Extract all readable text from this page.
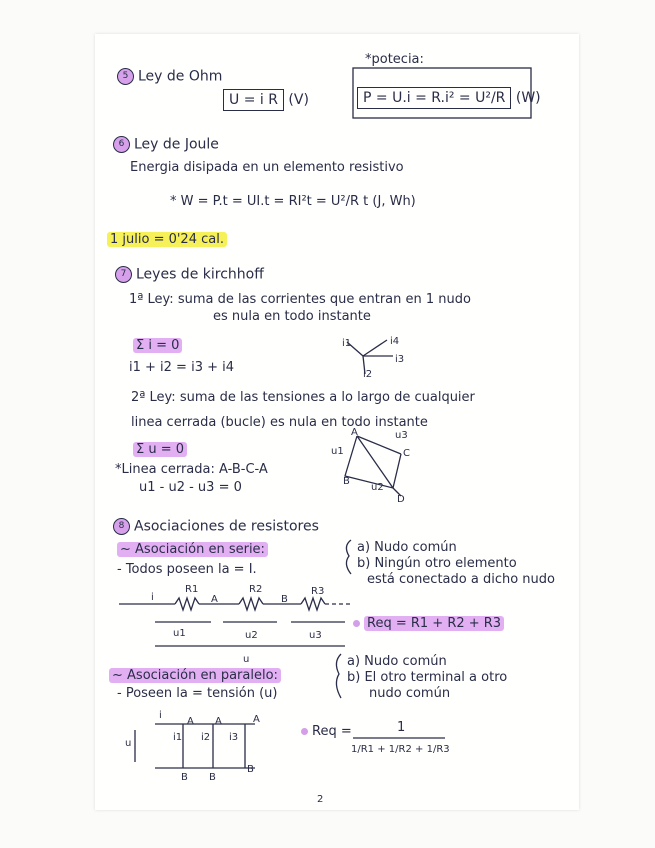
5 Ley de Ohm
U = i R (V)
*potecia:
P = U.i = R.i² = U²/R (W)
6 Ley de Joule
Energia disipada en un elemento resistivo
* W = P.t = UI.t = RI²t = U²/R t (J, Wh)
1 julio = 0'24 cal.
7 Leyes de kirchhoff
1ª Ley: suma de las corrientes que entran en 1 nudo
es nula en todo instante
Σ i = 0
i1 + i2 = i3 + i4
i1	i4
i3
i2
2ª Ley: suma de las tensiones a lo largo de cualquier
linea cerrada (bucle) es nula en todo instante
Σ u = 0
*Linea cerrada: A-B-C-A
u1 - u2 - u3 = 0
A	u3
u1	C
B
u2
D
8 Asociaciones de resistores
~ Asociación en serie:
- Todos poseen la = I.
a) Nudo común
b) Ningún otro elemento
está conectado a dicho nudo
i
R1
A
R2
B
R3
u1	u2	u3
u
Req = R1 + R2 + R3
~ Asociación en paralelo:
- Poseen la = tensión (u)
a) Nudo común
b) El otro terminal a otro
nudo común
i
A A	A
u
i1 i2 i3
B B
B
Req =	1
1/R1 + 1/R2 + 1/R3
2
